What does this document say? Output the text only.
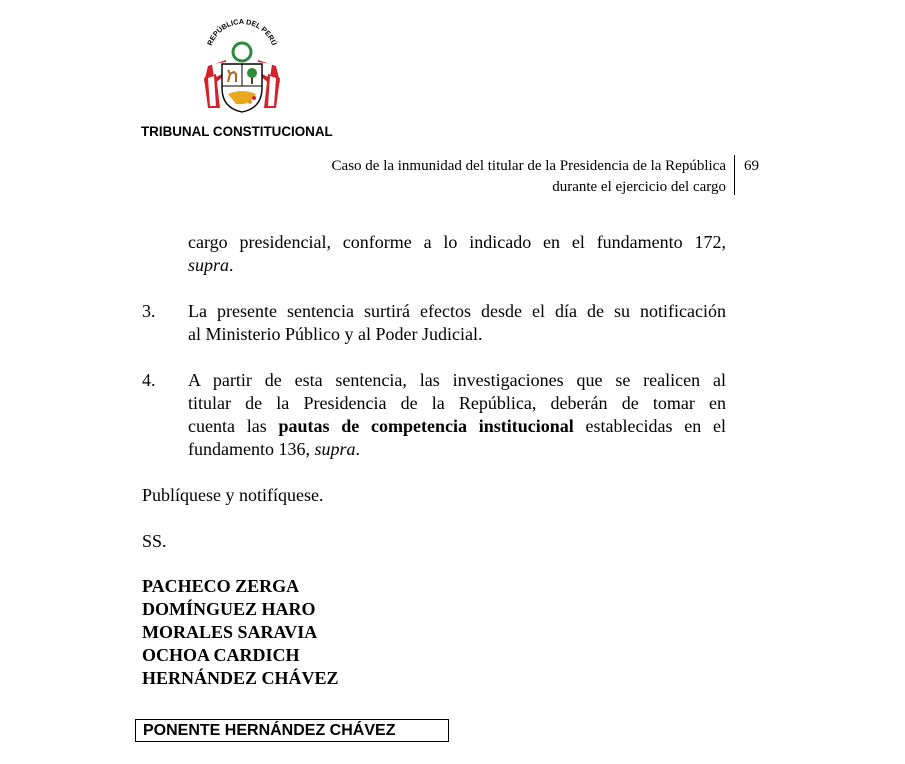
REPÚBLICA DEL PERÚ
TRIBUNAL CONSTITUCIONAL
Caso de la inmunidad del titular de la Presidencia de la República
durante el ejercicio del cargo
69
cargo presidencial, conforme a lo indicado en el fundamento 172,
supra.
3. La presente sentencia surtirá efectos desde el día de su notificación
al Ministerio Público y al Poder Judicial.
4. A partir de esta sentencia, las investigaciones que se realicen al
titular de la Presidencia de la República, deberán de tomar en
cuenta las pautas de competencia institucional establecidas en el
fundamento 136, supra.
Publíquese y notifíquese.
SS.
PACHECO ZERGA
DOMÍNGUEZ HARO
MORALES SARAVIA
OCHOA CARDICH
HERNÁNDEZ CHÁVEZ
PONENTE HERNÁNDEZ CHÁVEZ
